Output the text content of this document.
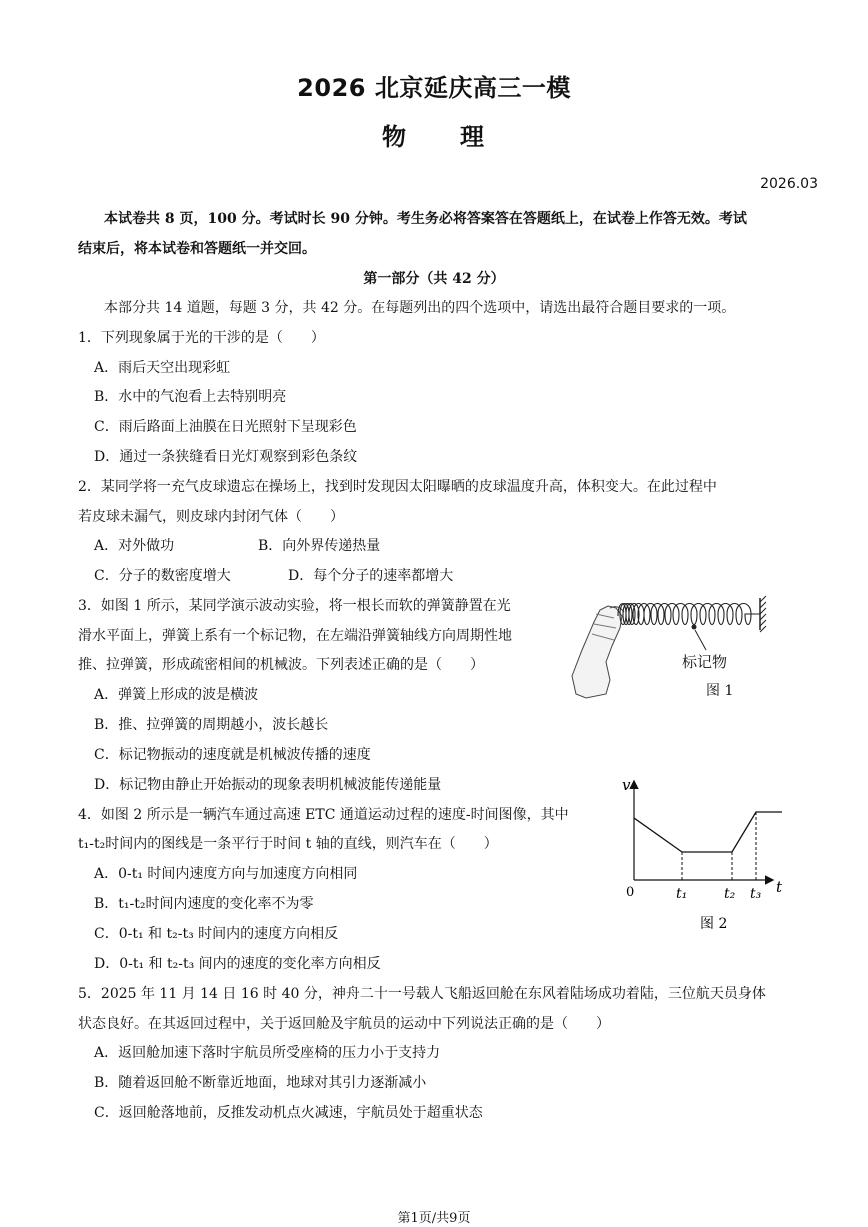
2026 北京延庆高三一模
物　　理
2026.03
本试卷共 8 页，100 分。考试时长 90 分钟。考生务必将答案答在答题纸上，在试卷上作答无效。考试
结束后，将本试卷和答题纸一并交回。
第一部分（共 42 分）
本部分共 14 道题，每题 3 分，共 42 分。在每题列出的四个选项中，请选出最符合题目要求的一项。
1．下列现象属于光的干涉的是（　　）
A．雨后天空出现彩虹
B．水中的气泡看上去特别明亮
C．雨后路面上油膜在日光照射下呈现彩色
D．通过一条狭缝看日光灯观察到彩色条纹
2．某同学将一充气皮球遗忘在操场上，找到时发现因太阳曝晒的皮球温度升高，体积变大。在此过程中
若皮球未漏气，则皮球内封闭气体（　　）
A．对外做功	B．向外界传递热量
C．分子的数密度增大	D．每个分子的速率都增大
3．如图 1 所示，某同学演示波动实验，将一根长而软的弹簧静置在光
滑水平面上，弹簧上系有一个标记物，在左端沿弹簧轴线方向周期性地
推、拉弹簧，形成疏密相间的机械波。下列表述正确的是（　　）
A．弹簧上形成的波是横波
B．推、拉弹簧的周期越小，波长越长
C．标记物振动的速度就是机械波传播的速度
D．标记物由静止开始振动的现象表明机械波能传递能量
标记物
图 1
4．如图 2 所示是一辆汽车通过高速 ETC 通道运动过程的速度-时间图像，其中
t₁-t₂时间内的图线是一条平行于时间 t 轴的直线，则汽车在（　　）
A．0-t₁ 时间内速度方向与加速度方向相同
B．t₁-t₂时间内速度的变化率不为零
C．0-t₁ 和 t₂-t₃ 时间内的速度方向相反
D．0-t₁ 和 t₂-t₃ 间内的速度的变化率方向相反
v
t
0	t₁	t₂ t₃
图 2
5．2025 年 11 月 14 日 16 时 40 分，神舟二十一号载人飞船返回舱在东风着陆场成功着陆，三位航天员身体
状态良好。在其返回过程中，关于返回舱及宇航员的运动中下列说法正确的是（　　）
A．返回舱加速下落时宇航员所受座椅的压力小于支持力
B．随着返回舱不断靠近地面，地球对其引力逐渐减小
C．返回舱落地前，反推发动机点火减速，宇航员处于超重状态
第1页/共9页
